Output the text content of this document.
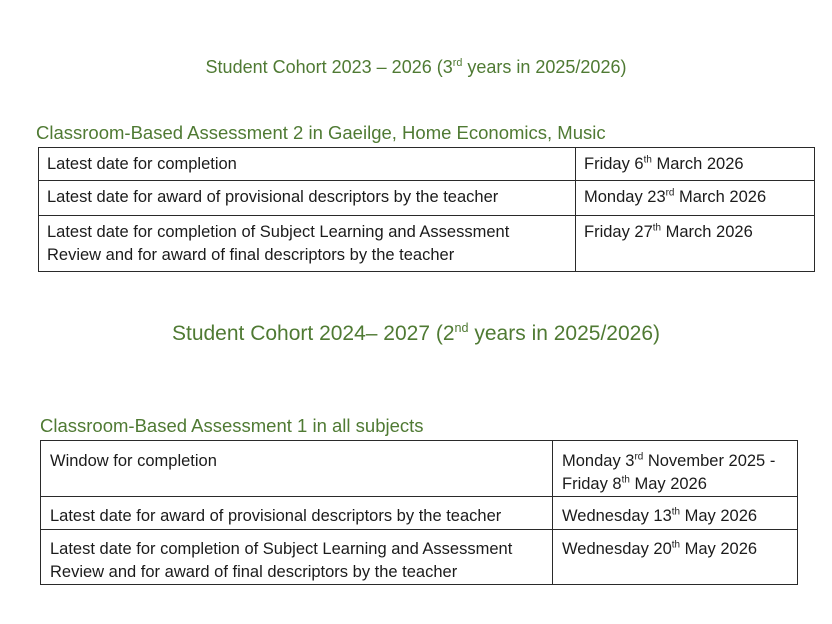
Student Cohort 2023 – 2026 (3rd years in 2025/2026)
Classroom-Based Assessment 2 in Gaeilge, Home Economics, Music
Latest date for completion	Friday 6th March 2026
Latest date for award of provisional descriptors by the teacher	Monday 23rd March 2026
Latest date for completion of Subject Learning and Assessment
Review and for award of final descriptors by the teacher	Friday 27th March 2026
Student Cohort 2024– 2027 (2nd years in 2025/2026)
Classroom-Based Assessment 1 in all subjects
Window for completion	Monday 3rd November 2025 -
Friday 8th May 2026
Latest date for award of provisional descriptors by the teacher	Wednesday 13th May 2026
Latest date for completion of Subject Learning and Assessment
Review and for award of final descriptors by the teacher	Wednesday 20th May 2026
